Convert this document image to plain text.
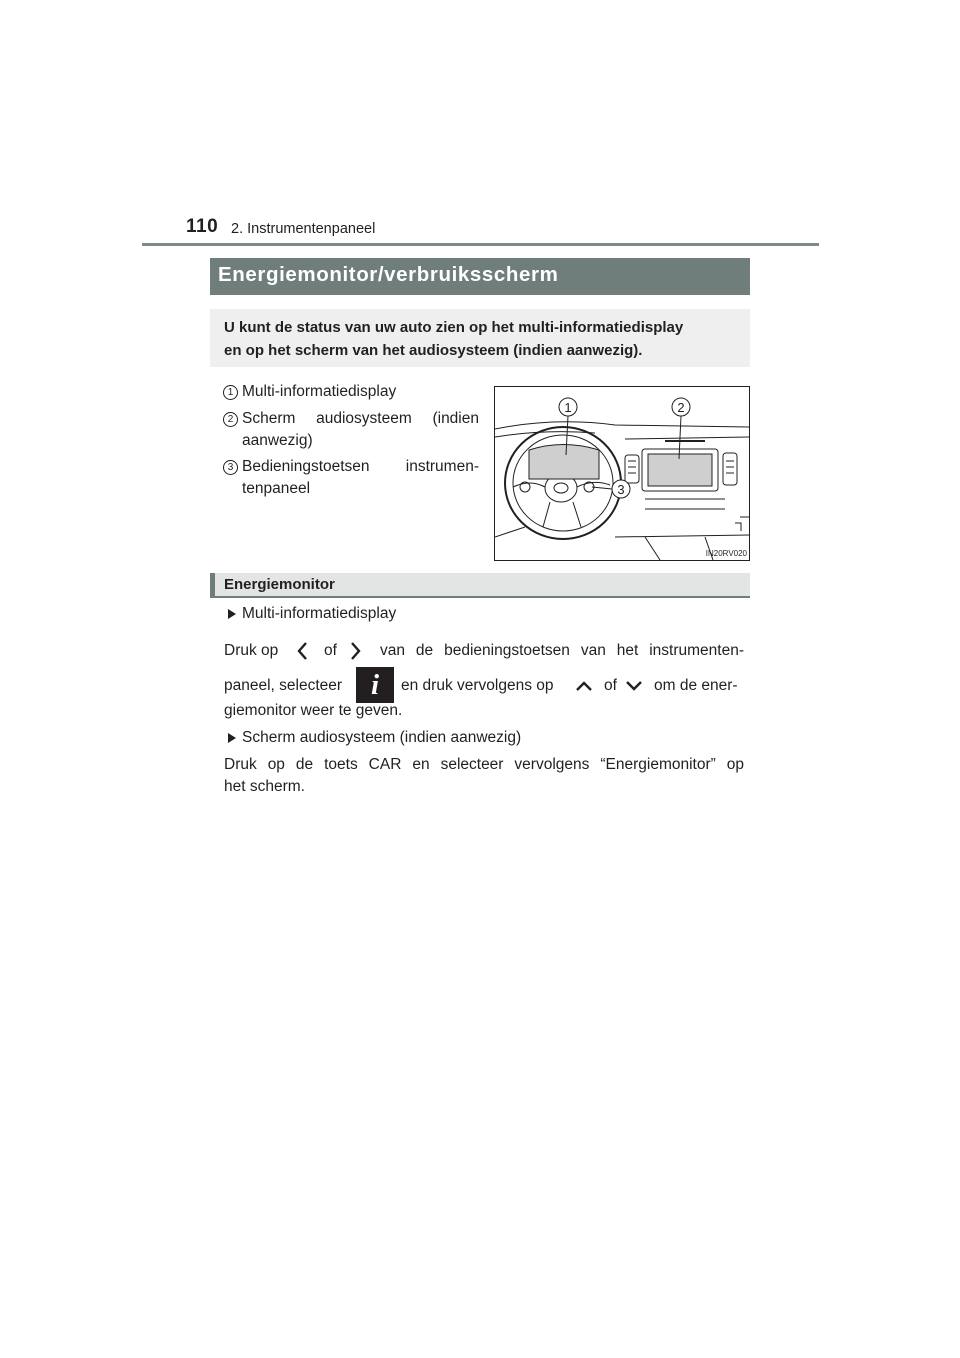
110 2. Instrumentenpaneel
Energiemonitor/verbruiksscherm
U kunt de status van uw auto zien op het multi-informatiedisplay
en op het scherm van het audiosysteem (indien aanwezig).
1 Multi-informatiedisplay
2 Scherm audiosysteem (indien
aanwezig)
3 Bedieningstoetsen instrumen-
tenpaneel
1	2
3
IN20RV020
Energiemonitor
Multi-informatiedisplay
Druk op	of	van de bedieningstoetsen van het instrumenten-
paneel, selecteer i	en druk vervolgens op	of om de ener-
giemonitor weer te geven.
Scherm audiosysteem (indien aanwezig)
Druk op de toets CAR en selecteer vervolgens “Energiemonitor” op
het scherm.
